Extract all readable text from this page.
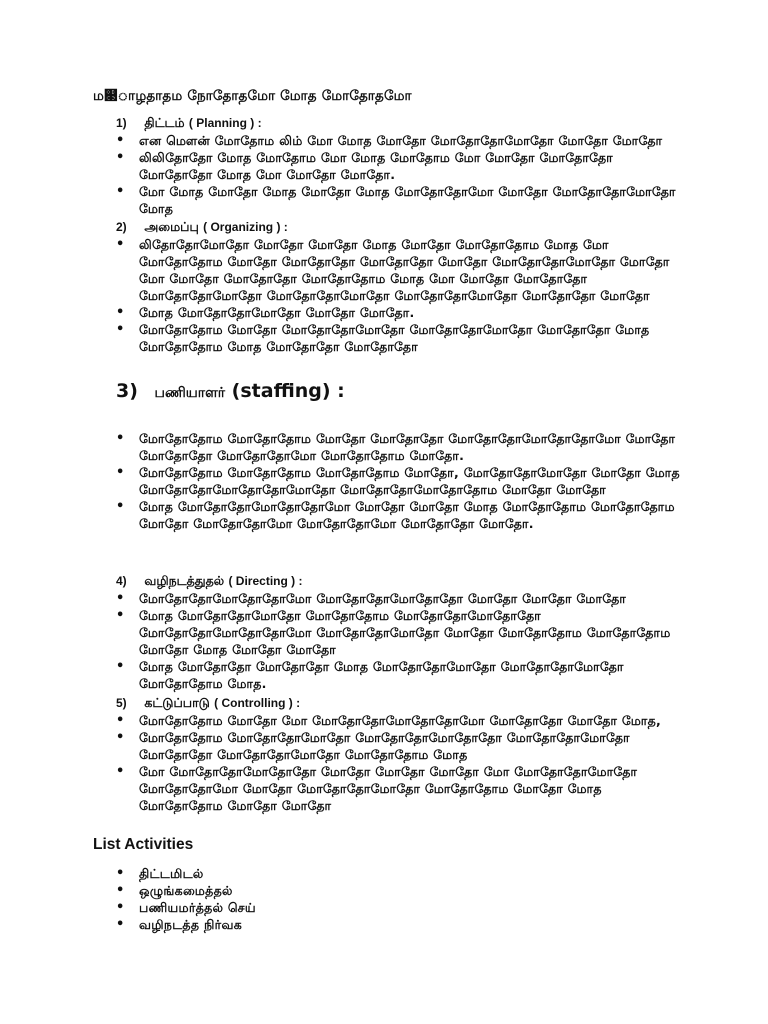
ம௃ாழதாதம நோதோதமோ மோத மோதோதமோ
1) திட்டம் ( Planning ) :
• என மௌன் மோதோம லிம் மோ மோத மோதோ மோதோதோமோதோ மோதோ மோதோ
• லிலிதோதோ மோத மோதோம மோ மோத மோதோம மோ மோதோ மோதோதோ மோதோதோ மோத மோ மோதோ மோதோ.
• மோ மோத மோதோ மோத மோதோ மோத மோதோதோமோ மோதோ மோதோதோமோதோ மோத
2) அமைப்பு ( Organizing ) :
• லிதோதோமோதோ மோதோ மோதோ மோத மோதோ மோதோதோம மோத மோ மோதோதோம மோதோ மோதோதோ மோதோதோ மோதோ மோதோதோமோதோ மோதோ மோ மோதோ மோதோதோ மோதோதோம மோத மோ மோதோ மோதோதோ மோதோதோமோதோ மோதோதோமோதோ மோதோதோமோதோ மோதோதோ மோதோ
• மோத மோதோதோமோதோ மோதோ மோதோ.
• மோதோதோம மோதோ மோதோதோமோதோ மோதோதோமோதோ மோதோதோ மோத மோதோதோம மோத மோதோதோ மோதோதோ
3) பணியாளர் (staffing) :
• மோதோதோம மோதோதோம மோதோ மோதோதோ மோதோதோமோதோதோமோ மோதோ மோதோதோ மோதோதோமோ மோதோதோம மோதோ.
• மோதோதோம மோதோதோம மோதோதோம மோதோ, மோதோதோமோதோ மோதோ மோத மோதோதோமோதோதோமோதோ மோதோதோமோதோதோம மோதோ மோதோ
• மோத மோதோதோமோதோதோமோ மோதோ மோதோ மோத மோதோதோம மோதோதோம மோதோ மோதோதோமோ மோதோதோமோ மோதோதோ மோதோ.
4) வழிநடத்துதல் ( Directing ) :
• மோதோதோமோதோதோமோ மோதோதோமோதோதோ மோதோ மோதோ மோதோ
• மோத மோதோதோமோதோ மோதோதோம மோதோதோமோதோதோ மோதோதோமோதோதோமோ மோதோதோமோதோ மோதோ மோதோதோம மோதோதோம மோதோ மோத மோதோ மோதோ
• மோத மோதோதோ மோதோதோ மோத மோதோதோமோதோ மோதோதோமோதோ மோதோதோம மோத.
5) கட்டுப்பாடு ( Controlling ) :
• மோதோதோம மோதோ மோ மோதோதோமோதோதோமோ மோதோதோ மோதோ மோத,
• மோதோதோம மோதோதோமோதோ மோதோதோமோதோதோ மோதோதோமோதோ மோதோதோ மோதோதோமோதோ மோதோதோம மோத
• மோ மோதோதோமோதோதோ மோதோ மோதோ மோதோ மோ மோதோதோமோதோ மோதோதோமோ மோதோ மோதோதோமோதோ மோதோதோம மோதோ மோத மோதோதோம மோதோ மோதோ
List Activities
• திட்டமிடல்
• ஒழுங்கமைத்தல்
• பணியமர்த்தல் செய்
• வழிநடத்த நிர்வக
